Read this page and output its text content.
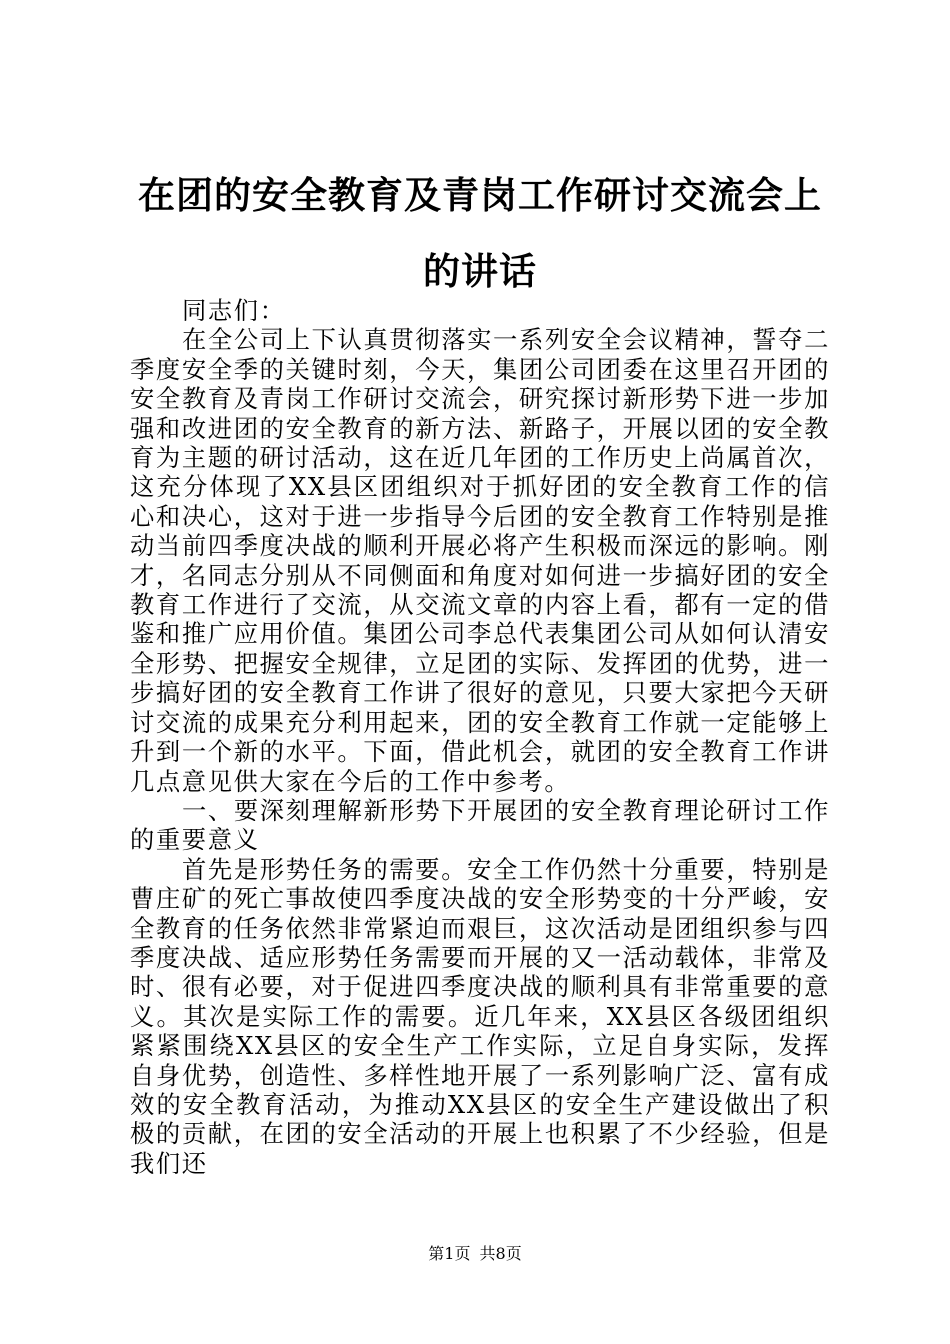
在团的安全教育及青岗工作研讨交流会上的讲话

同志们：

在全公司上下认真贯彻落实一系列安全会议精神，誓夺二季度安全季的关键时刻，今天，集团公司团委在这里召开团的安全教育及青岗工作研讨交流会，研究探讨新形势下进一步加强和改进团的安全教育的新方法、新路子，开展以团的安全教育为主题的研讨活动，这在近几年团的工作历史上尚属首次，这充分体现了XX县区团组织对于抓好团的安全教育工作的信心和决心，这对于进一步指导今后团的安全教育工作特别是推动当前四季度决战的顺利开展必将产生积极而深远的影响。刚才，名同志分别从不同侧面和角度对如何进一步搞好团的安全教育工作进行了交流，从交流文章的内容上看，都有一定的借鉴和推广应用价值。集团公司李总代表集团公司从如何认清安全形势、把握安全规律，立足团的实际、发挥团的优势，进一步搞好团的安全教育工作讲了很好的意见，只要大家把今天研讨交流的成果充分利用起来，团的安全教育工作就一定能够上升到一个新的水平。下面，借此机会，就团的安全教育工作讲几点意见供大家在今后的工作中参考。

一、要深刻理解新形势下开展团的安全教育理论研讨工作的重要意义

首先是形势任务的需要。安全工作仍然十分重要，特别是曹庄矿的死亡事故使四季度决战的安全形势变的十分严峻，安全教育的任务依然非常紧迫而艰巨，这次活动是团组织参与四季度决战、适应形势任务需要而开展的又一活动载体，非常及时、很有必要，对于促进四季度决战的顺利具有非常重要的意义。其次是实际工作的需要。近几年来，XX县区各级团组织紧紧围绕XX县区的安全生产工作实际，立足自身实际，发挥自身优势，创造性、多样性地开展了一系列影响广泛、富有成效的安全教育活动，为推动XX县区的安全生产建设做出了积极的贡献，在团的安全活动的开展上也积累了不少经验，但是我们还

第1页 共8页
